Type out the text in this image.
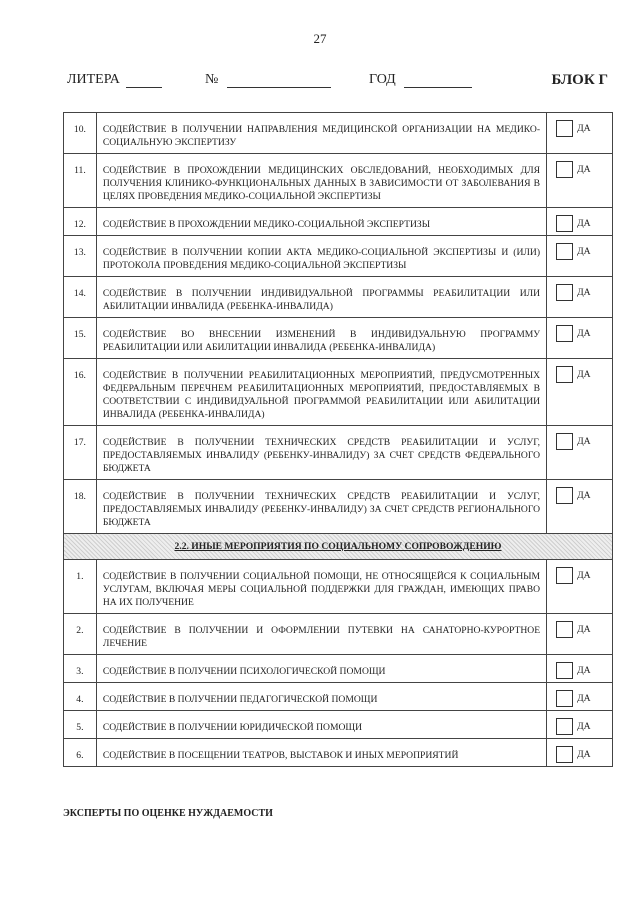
27
ЛИТЕРА	№	ГОД	БЛОК Г
10.	СОДЕЙСТВИЕ В ПОЛУЧЕНИИ НАПРАВЛЕНИЯ МЕДИЦИНСКОЙ ОРГАНИЗАЦИИ НА МЕДИКО-СОЦИАЛЬНУЮ ЭКСПЕРТИЗУ	ДА
11.	СОДЕЙСТВИЕ В ПРОХОЖДЕНИИ МЕДИЦИНСКИХ ОБСЛЕДОВАНИЙ, НЕОБХОДИМЫХ ДЛЯ ПОЛУЧЕНИЯ КЛИНИКО-ФУНКЦИОНАЛЬНЫХ ДАННЫХ В ЗАВИСИМОСТИ ОТ ЗАБОЛЕВАНИЯ В ЦЕЛЯХ ПРОВЕДЕНИЯ МЕДИКО-СОЦИАЛЬНОЙ ЭКСПЕРТИЗЫ	ДА
12.	СОДЕЙСТВИЕ В ПРОХОЖДЕНИИ МЕДИКО-СОЦИАЛЬНОЙ ЭКСПЕРТИЗЫ	ДА
13.	СОДЕЙСТВИЕ В ПОЛУЧЕНИИ КОПИИ АКТА МЕДИКО-СОЦИАЛЬНОЙ ЭКСПЕРТИЗЫ И (ИЛИ) ПРОТОКОЛА ПРОВЕДЕНИЯ МЕДИКО-СОЦИАЛЬНОЙ ЭКСПЕРТИЗЫ	ДА
14.	СОДЕЙСТВИЕ В ПОЛУЧЕНИИ ИНДИВИДУАЛЬНОЙ ПРОГРАММЫ РЕАБИЛИТАЦИИ ИЛИ АБИЛИТАЦИИ ИНВАЛИДА (РЕБЕНКА-ИНВАЛИДА)	ДА
15.	СОДЕЙСТВИЕ ВО ВНЕСЕНИИ ИЗМЕНЕНИЙ В ИНДИВИДУАЛЬНУЮ ПРОГРАММУ РЕАБИЛИТАЦИИ ИЛИ АБИЛИТАЦИИ ИНВАЛИДА (РЕБЕНКА-ИНВАЛИДА)	ДА
16.	СОДЕЙСТВИЕ В ПОЛУЧЕНИИ РЕАБИЛИТАЦИОННЫХ МЕРОПРИЯТИЙ, ПРЕДУСМОТРЕННЫХ ФЕДЕРАЛЬНЫМ ПЕРЕЧНЕМ РЕАБИЛИТАЦИОННЫХ МЕРОПРИЯТИЙ, ПРЕДОСТАВЛЯЕМЫХ В СООТВЕТСТВИИ С ИНДИВИДУАЛЬНОЙ ПРОГРАММОЙ РЕАБИЛИТАЦИИ ИЛИ АБИЛИТАЦИИ ИНВАЛИДА (РЕБЕНКА-ИНВАЛИДА)	ДА
17.	СОДЕЙСТВИЕ В ПОЛУЧЕНИИ ТЕХНИЧЕСКИХ СРЕДСТВ РЕАБИЛИТАЦИИ И УСЛУГ, ПРЕДОСТАВЛЯЕМЫХ ИНВАЛИДУ (РЕБЕНКУ-ИНВАЛИДУ) ЗА СЧЕТ СРЕДСТВ ФЕДЕРАЛЬНОГО БЮДЖЕТА	ДА
18.	СОДЕЙСТВИЕ В ПОЛУЧЕНИИ ТЕХНИЧЕСКИХ СРЕДСТВ РЕАБИЛИТАЦИИ И УСЛУГ, ПРЕДОСТАВЛЯЕМЫХ ИНВАЛИДУ (РЕБЕНКУ-ИНВАЛИДУ) ЗА СЧЕТ СРЕДСТВ РЕГИОНАЛЬНОГО БЮДЖЕТА	ДА
2.2. ИНЫЕ МЕРОПРИЯТИЯ ПО СОЦИАЛЬНОМУ СОПРОВОЖДЕНИЮ		
1.	СОДЕЙСТВИЕ В ПОЛУЧЕНИИ СОЦИАЛЬНОЙ ПОМОЩИ, НЕ ОТНОСЯЩЕЙСЯ К СОЦИАЛЬНЫМ УСЛУГАМ, ВКЛЮЧАЯ МЕРЫ СОЦИАЛЬНОЙ ПОДДЕРЖКИ ДЛЯ ГРАЖДАН, ИМЕЮЩИХ ПРАВО НА ИХ ПОЛУЧЕНИЕ	ДА
2.	СОДЕЙСТВИЕ В ПОЛУЧЕНИИ И ОФОРМЛЕНИИ ПУТЕВКИ НА САНАТОРНО-КУРОРТНОЕ ЛЕЧЕНИЕ	ДА
3.	СОДЕЙСТВИЕ В ПОЛУЧЕНИИ ПСИХОЛОГИЧЕСКОЙ ПОМОЩИ	ДА
4.	СОДЕЙСТВИЕ В ПОЛУЧЕНИИ ПЕДАГОГИЧЕСКОЙ ПОМОЩИ	ДА
5.	СОДЕЙСТВИЕ В ПОЛУЧЕНИИ ЮРИДИЧЕСКОЙ ПОМОЩИ	ДА
6.	СОДЕЙСТВИЕ В ПОСЕЩЕНИИ ТЕАТРОВ, ВЫСТАВОК И ИНЫХ МЕРОПРИЯТИЙ	ДА
ЭКСПЕРТЫ ПО ОЦЕНКЕ НУЖДАЕМОСТИ
